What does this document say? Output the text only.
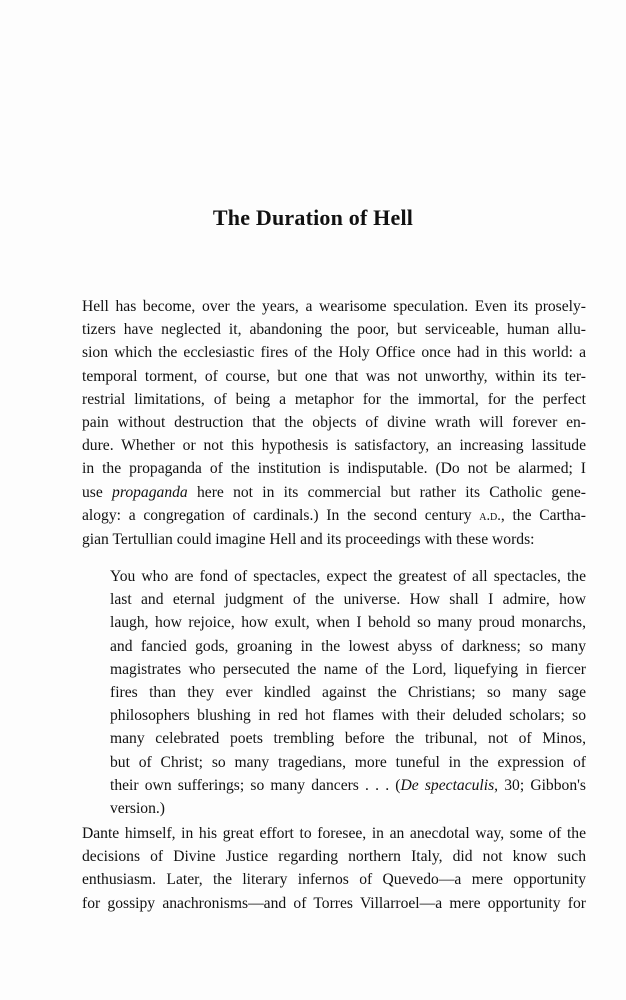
The Duration of Hell
Hell has become, over the years, a wearisome speculation. Even its prosely-
tizers have neglected it, abandoning the poor, but serviceable, human allu-
sion which the ecclesiastic fires of the Holy Office once had in this world: a
temporal torment, of course, but one that was not unworthy, within its ter-
restrial limitations, of being a metaphor for the immortal, for the perfect
pain without destruction that the objects of divine wrath will forever en-
dure. Whether or not this hypothesis is satisfactory, an increasing lassitude
in the propaganda of the institution is indisputable. (Do not be alarmed; I
use propaganda here not in its commercial but rather its Catholic gene-
alogy: a congregation of cardinals.) In the second century a.d., the Cartha-
gian Tertullian could imagine Hell and its proceedings with these words:
You who are fond of spectacles, expect the greatest of all spectacles, the
last and eternal judgment of the universe. How shall I admire, how
laugh, how rejoice, how exult, when I behold so many proud monarchs,
and fancied gods, groaning in the lowest abyss of darkness; so many
magistrates who persecuted the name of the Lord, liquefying in fiercer
fires than they ever kindled against the Christians; so many sage
philosophers blushing in red hot flames with their deluded scholars; so
many celebrated poets trembling before the tribunal, not of Minos,
but of Christ; so many tragedians, more tuneful in the expression of
their own sufferings; so many dancers . . . (De spectaculis, 30; Gibbon's
version.)
Dante himself, in his great effort to foresee, in an anecdotal way, some of the
decisions of Divine Justice regarding northern Italy, did not know such
enthusiasm. Later, the literary infernos of Quevedo—a mere opportunity
for gossipy anachronisms—and of Torres Villarroel—a mere opportunity for
